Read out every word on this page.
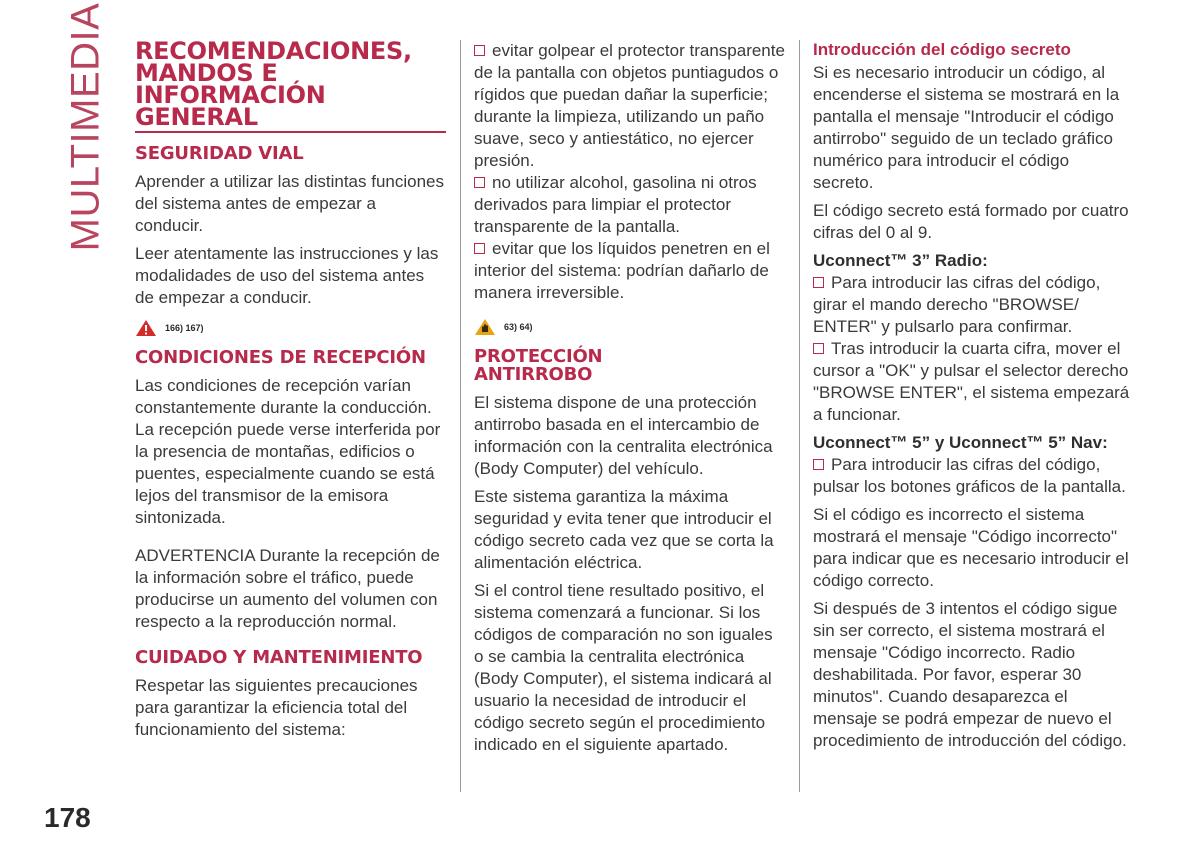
MULTIMEDIA
178
RECOMENDACIONES, MANDOS E INFORMACIÓN GENERAL
SEGURIDAD VIAL

Aprender a utilizar las distintas funciones del sistema antes de empezar a conducir.

Leer atentamente las instrucciones y las modalidades de uso del sistema antes de empezar a conducir.

166) 167)
CONDICIONES DE RECEPCIÓN

Las condiciones de recepción varían constantemente durante la conducción. La recepción puede verse interferida por la presencia de montañas, edificios o puentes, especialmente cuando se está lejos del transmisor de la emisora sintonizada.

ADVERTENCIA Durante la recepción de la información sobre el tráfico, puede producirse un aumento del volumen con respecto a la reproducción normal.

CUIDADO Y MANTENIMIENTO

Respetar las siguientes precauciones para garantizar la eficiencia total del funcionamiento del sistema:

evitar golpear el protector transparente de la pantalla con objetos puntiagudos o rígidos que puedan dañar la superficie; durante la limpieza, utilizando un paño suave, seco y antiestático, no ejercer presión.

no utilizar alcohol, gasolina ni otros derivados para limpiar el protector transparente de la pantalla.

evitar que los líquidos penetren en el interior del sistema: podrían dañarlo de manera irreversible.

63) 64)
PROTECCIÓN ANTIRROBO

El sistema dispone de una protección antirrobo basada en el intercambio de información con la centralita electrónica (Body Computer) del vehículo.

Este sistema garantiza la máxima seguridad y evita tener que introducir el código secreto cada vez que se corta la alimentación eléctrica.

Si el control tiene resultado positivo, el sistema comenzará a funcionar. Si los códigos de comparación no son iguales o se cambia la centralita electrónica (Body Computer), el sistema indicará al usuario la necesidad de introducir el código secreto según el procedimiento indicado en el siguiente apartado.

Introducción del código secreto

Si es necesario introducir un código, al encenderse el sistema se mostrará en la pantalla el mensaje "Introducir el código antirrobo" seguido de un teclado gráfico numérico para introducir el código secreto.

El código secreto está formado por cuatro cifras del 0 al 9.

Uconnect™ 3” Radio:

Para introducir las cifras del código, girar el mando derecho "BROWSE/ ENTER" y pulsarlo para confirmar.

Tras introducir la cuarta cifra, mover el cursor a "OK" y pulsar el selector derecho "BROWSE ENTER", el sistema empezará a funcionar.

Uconnect™ 5” y Uconnect™ 5” Nav:

Para introducir las cifras del código, pulsar los botones gráficos de la pantalla.

Si el código es incorrecto el sistema mostrará el mensaje "Código incorrecto" para indicar que es necesario introducir el código correcto.

Si después de 3 intentos el código sigue sin ser correcto, el sistema mostrará el mensaje "Código incorrecto. Radio deshabilitada. Por favor, esperar 30 minutos". Cuando desaparezca el mensaje se podrá empezar de nuevo el procedimiento de introducción del código.
